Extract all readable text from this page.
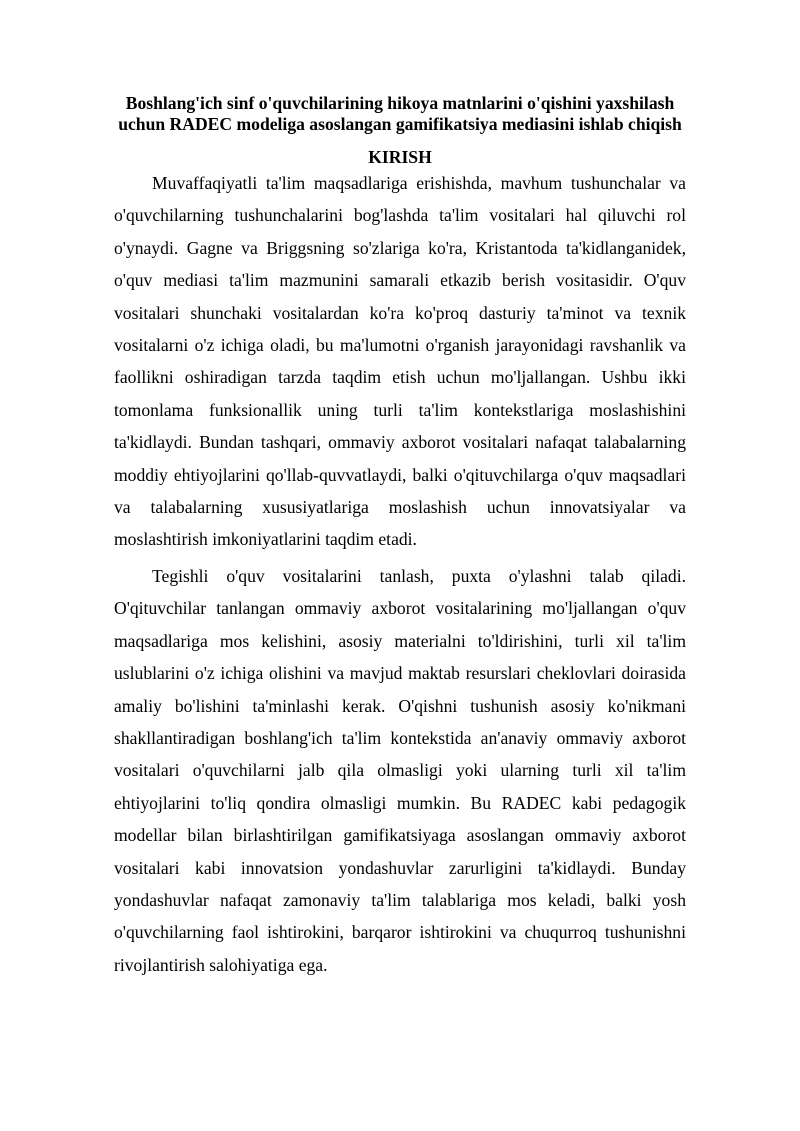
Boshlang'ich sinf o'quvchilarining hikoya matnlarini o'qishini yaxshilash uchun RADEC modeliga asoslangan gamifikatsiya mediasini ishlab chiqish
KIRISH

Muvaffaqiyatli ta'lim maqsadlariga erishishda, mavhum tushunchalar va o'quvchilarning tushunchalarini bog'lashda ta'lim vositalari hal qiluvchi rol o'ynaydi. Gagne va Briggsning so'zlariga ko'ra, Kristantoda ta'kidlanganidek, o'quv mediasi ta'lim mazmunini samarali etkazib berish vositasidir. O'quv vositalari shunchaki vositalardan ko'ra ko'proq dasturiy ta'minot va texnik vositalarni o'z ichiga oladi, bu ma'lumotni o'rganish jarayonidagi ravshanlik va faollikni oshiradigan tarzda taqdim etish uchun mo'ljallangan. Ushbu ikki tomonlama funksionallik uning turli ta'lim kontekstlariga moslashishini ta'kidlaydi. Bundan tashqari, ommaviy axborot vositalari nafaqat talabalarning moddiy ehtiyojlarini qo'llab-quvvatlaydi, balki o'qituvchilarga o'quv maqsadlari va talabalarning xususiyatlariga moslashish uchun innovatsiyalar va moslashtirish imkoniyatlarini taqdim etadi.

Tegishli o'quv vositalarini tanlash, puxta o'ylashni talab qiladi. O'qituvchilar tanlangan ommaviy axborot vositalarining mo'ljallangan o'quv maqsadlariga mos kelishini, asosiy materialni to'ldirishini, turli xil ta'lim uslublarini o'z ichiga olishini va mavjud maktab resurslari cheklovlari doirasida amaliy bo'lishini ta'minlashi kerak. O'qishni tushunish asosiy ko'nikmani shakllantiradigan boshlang'ich ta'lim kontekstida an'anaviy ommaviy axborot vositalari o'quvchilarni jalb qila olmasligi yoki ularning turli xil ta'lim ehtiyojlarini to'liq qondira olmasligi mumkin. Bu RADEC kabi pedagogik modellar bilan birlashtirilgan gamifikatsiyaga asoslangan ommaviy axborot vositalari kabi innovatsion yondashuvlar zarurligini ta'kidlaydi. Bunday yondashuvlar nafaqat zamonaviy ta'lim talablariga mos keladi, balki yosh o'quvchilarning faol ishtirokini, barqaror ishtirokini va chuqurroq tushunishni rivojlantirish salohiyatiga ega.
